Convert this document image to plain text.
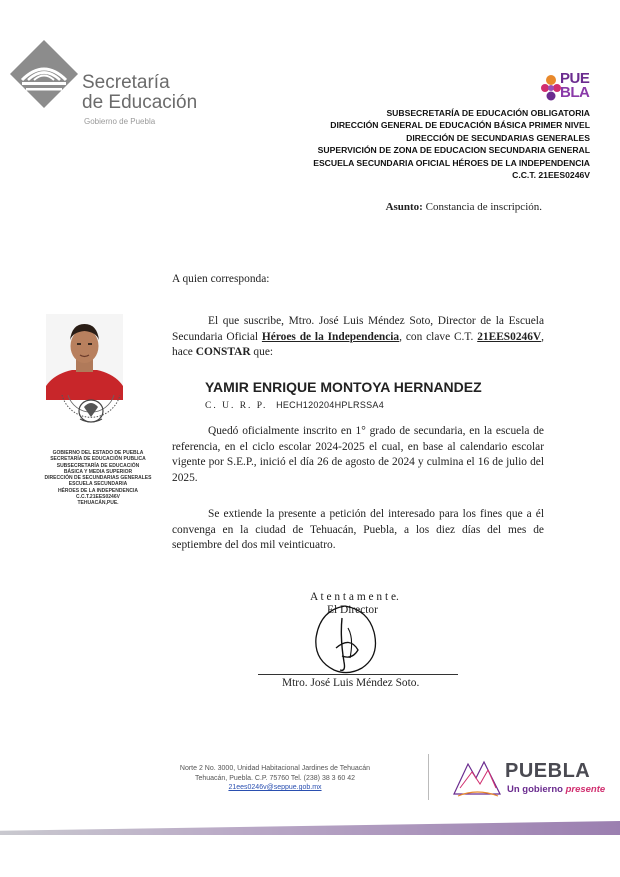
Secretaría
de Educación
Gobierno de Puebla
PUE
BLA
SUBSECRETARÍA DE EDUCACIÓN OBLIGATORIA
DIRECCIÓN GENERAL DE EDUCACIÓN BÁSICA PRIMER NIVEL
DIRECCIÓN DE SECUNDARIAS GENERALES
SUPERVICIÓN DE ZONA DE EDUCACION SECUNDARIA GENERAL
ESCUELA SECUNDARIA OFICIAL HÉROES DE LA INDEPENDENCIA
C.C.T. 21EES0246V
Asunto: Constancia de inscripción.
A quien corresponda:
El que suscribe, Mtro. José Luis Méndez Soto, Director de la Escuela Secundaria Oficial Héroes de la Independencia, con clave C.T. 21EES0246V, hace CONSTAR que:
GOBIERNO DEL ESTADO DE PUEBLA
SECRETARÍA DE EDUCACIÓN PUBLICA
SUBSECRETARÍA DE EDUCACIÓN
BÁSICA Y MEDIA SUPERIOR
DIRECCIÓN DE SECUNDARIAS GENERALES
ESCUELA SECUNDARIA
HÉROES DE LA INDEPENDENCIA
C.C.T.21EES0246V
TEHUACÁN,PUE.
YAMIR ENRIQUE MONTOYA HERNANDEZ
C. U. R. P. HECH120204HPLRSSA4
Quedó oficialmente inscrito en 1° grado de secundaria, en la escuela de referencia, en el ciclo escolar 2024-2025 el cual, en base al calendario escolar vigente por S.E.P., inició el día 26 de agosto de 2024 y culmina el 16 de julio del 2025.
Se extiende la presente a petición del interesado para los fines que a él convenga en la ciudad de Tehuacán, Puebla, a los diez días del mes de septiembre del dos mil veinticuatro.
A t e n t a m e n t e.
El Director
Mtro. José Luis Méndez Soto.
Norte 2 No. 3000, Unidad Habitacional Jardines de Tehuacán
Tehuacán, Puebla. C.P. 75760 Tel. (238) 38 3 60 42
21ees0246v@seppue.gob.mx
PUEBLA
Un gobierno presente
